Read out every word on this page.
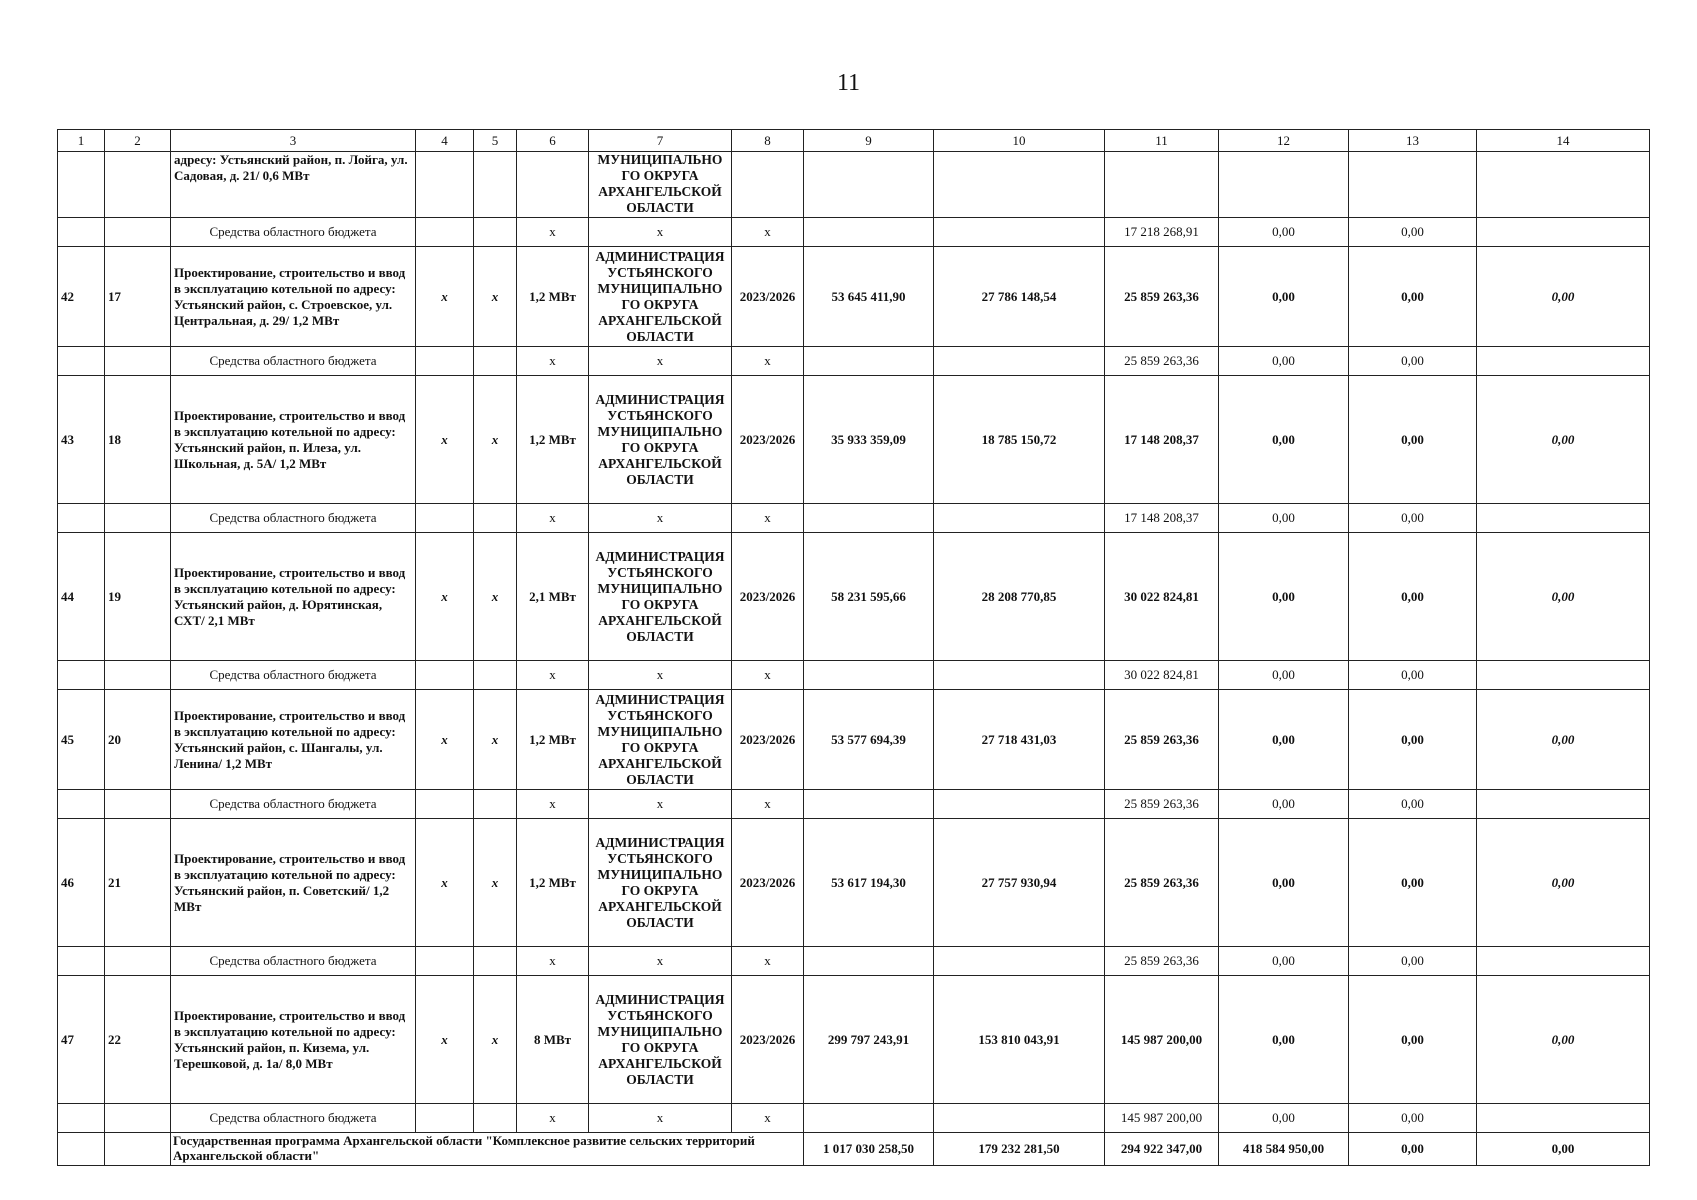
11
1	2	3	4	5	6	7	8	9	10	11	12	13	14
		адресу: Устьянский район, п. Лойга, ул. Садовая, д. 21/ 0,6 МВт				МУНИЦИПАЛЬНО ГО ОКРУГА АРХАНГЕЛЬСКОЙ ОБЛАСТИ							
		Средства областного бюджета			х	х	х			17 218 268,91	0,00	0,00	
42	17	Проектирование, строительство и ввод в эксплуатацию котельной по адресу: Устьянский район, с. Строевское, ул. Центральная, д. 29/ 1,2 МВт	x	x	1,2 МВт	АДМИНИСТРАЦИЯ УСТЬЯНСКОГО МУНИЦИПАЛЬНО ГО ОКРУГА АРХАНГЕЛЬСКОЙ ОБЛАСТИ	2023/2026	53 645 411,90	27 786 148,54	25 859 263,36	0,00	0,00	0,00
		Средства областного бюджета			х	х	х			25 859 263,36	0,00	0,00	
43	18	Проектирование, строительство и ввод в эксплуатацию котельной по адресу: Устьянский район, п. Илеза, ул. Школьная, д. 5А/ 1,2 МВт	x	x	1,2 МВт	АДМИНИСТРАЦИЯ УСТЬЯНСКОГО МУНИЦИПАЛЬНО ГО ОКРУГА АРХАНГЕЛЬСКОЙ ОБЛАСТИ	2023/2026	35 933 359,09	18 785 150,72	17 148 208,37	0,00	0,00	0,00
		Средства областного бюджета			х	х	х			17 148 208,37	0,00	0,00	
44	19	Проектирование, строительство и ввод в эксплуатацию котельной по адресу: Устьянский район, д. Юрятинская, СХТ/ 2,1 МВт	x	x	2,1 МВт	АДМИНИСТРАЦИЯ УСТЬЯНСКОГО МУНИЦИПАЛЬНО ГО ОКРУГА АРХАНГЕЛЬСКОЙ ОБЛАСТИ	2023/2026	58 231 595,66	28 208 770,85	30 022 824,81	0,00	0,00	0,00
		Средства областного бюджета			х	х	х			30 022 824,81	0,00	0,00	
45	20	Проектирование, строительство и ввод в эксплуатацию котельной по адресу: Устьянский район, с. Шангалы, ул. Ленина/ 1,2 МВт	x	x	1,2 МВт	АДМИНИСТРАЦИЯ УСТЬЯНСКОГО МУНИЦИПАЛЬНО ГО ОКРУГА АРХАНГЕЛЬСКОЙ ОБЛАСТИ	2023/2026	53 577 694,39	27 718 431,03	25 859 263,36	0,00	0,00	0,00
		Средства областного бюджета			х	х	х			25 859 263,36	0,00	0,00	
46	21	Проектирование, строительство и ввод в эксплуатацию котельной по адресу: Устьянский район, п. Советский/ 1,2 МВт	x	x	1,2 МВт	АДМИНИСТРАЦИЯ УСТЬЯНСКОГО МУНИЦИПАЛЬНО ГО ОКРУГА АРХАНГЕЛЬСКОЙ ОБЛАСТИ	2023/2026	53 617 194,30	27 757 930,94	25 859 263,36	0,00	0,00	0,00
		Средства областного бюджета			х	х	х			25 859 263,36	0,00	0,00	
47	22	Проектирование, строительство и ввод в эксплуатацию котельной по адресу: Устьянский район, п. Кизема, ул. Терешковой, д. 1а/ 8,0 МВт	x	x	8 МВт	АДМИНИСТРАЦИЯ УСТЬЯНСКОГО МУНИЦИПАЛЬНО ГО ОКРУГА АРХАНГЕЛЬСКОЙ ОБЛАСТИ	2023/2026	299 797 243,91	153 810 043,91	145 987 200,00	0,00	0,00	0,00
		Средства областного бюджета			х	х	х			145 987 200,00	0,00	0,00	
		Государственная программа Архангельской области "Комплексное развитие сельских территорий Архангельской области"						1 017 030 258,50	179 232 281,50	294 922 347,00	418 584 950,00	0,00	0,00
